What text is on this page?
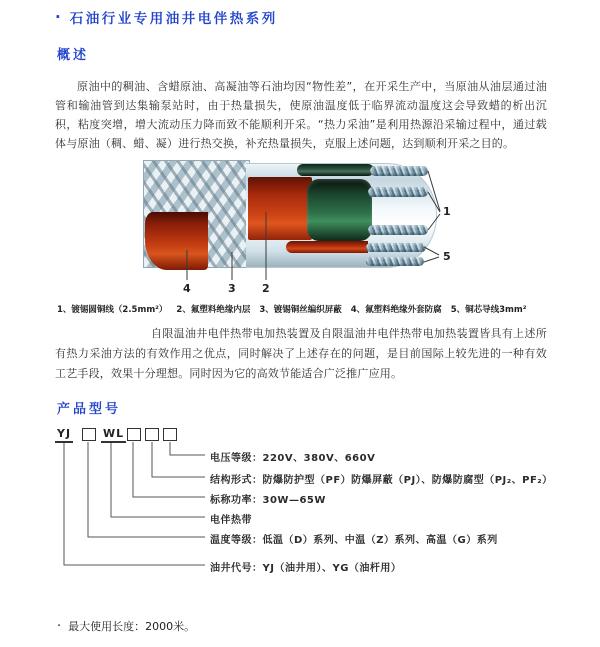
· 石油行业专用油井电伴热系列
概述

原油中的稠油、含蜡原油、高凝油等石油均因“物性差”，在开采生产中，当原油从油层通过油管和输油管到达集输泵站时，由于热量损失，使原油温度低于临界流动温度这会导致蜡的析出沉积，粘度突增，增大流动压力降而致不能顺利开采。“热力采油”是利用热源沿采输过程中，通过载体与原油（稠、蜡、凝）进行热交换，补充热量损失，克服上述问题，达到顺利开采之目的。

1
5
4	3 2
1、镀锡圆铜线（2.5mm²） 2、氟塑料绝缘内层 3、镀锡铜丝编织屏蔽 4、氟塑料绝缘外套防腐 5、铜芯导线3mm²

自限温油井电伴热带电加热装置及自限温油井电伴热带电加热装置皆具有上述所有热力采油方法的有效作用之优点，同时解决了上述存在的问题，是目前国际上较先进的一种有效工艺手段，效果十分理想。同时因为它的高效节能适合广泛推广应用。

产品型号
YJ	WL
电压等级：220V、380V、660V
结构形式：防爆防护型（PF）防爆屏蔽（PJ）、防爆防腐型（PJ₂、PF₂）
标称功率：30W—65W
电伴热带
温度等级：低温（D）系列、中温（Z）系列、高温（G）系列
油井代号：YJ（油井用）、YG（油杆用）
· 最大使用长度：2000米。
